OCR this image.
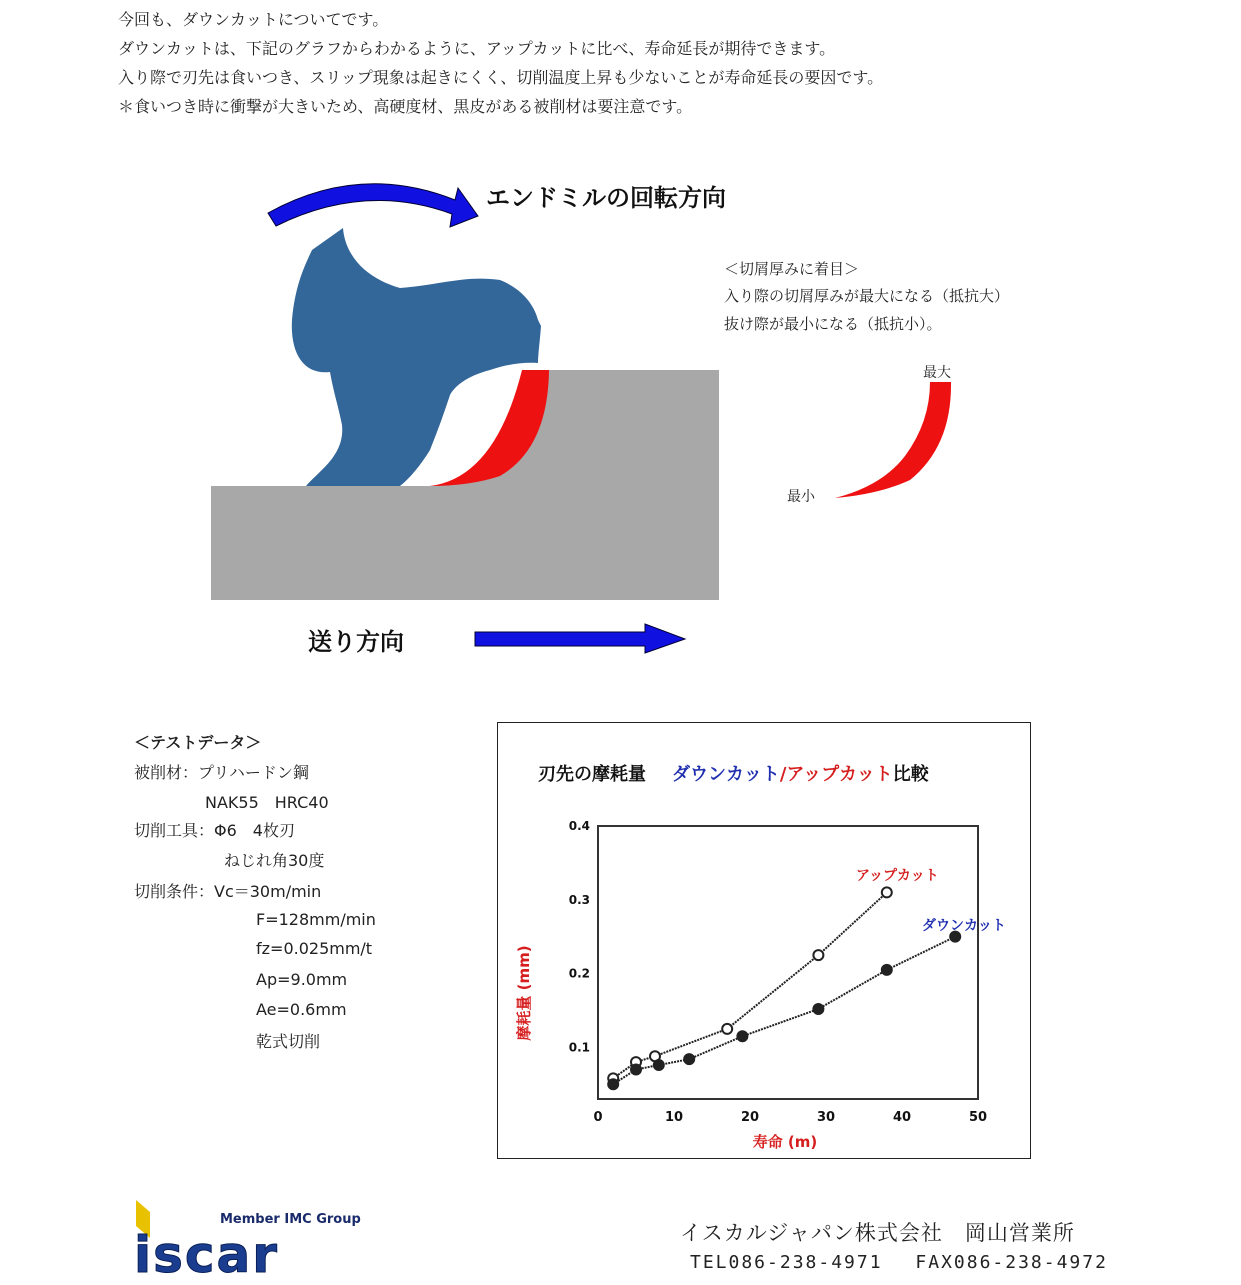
今回も、ダウンカットについてです。
ダウンカットは、下記のグラフからわかるように、アップカットに比べ、寿命延長が期待できます。
入り際で刃先は食いつき、スリップ現象は起きにくく、切削温度上昇も少ないことが寿命延長の要因です。
＊食いつき時に衝撃が大きいため、高硬度材、黒皮がある被削材は要注意です。
エンドミルの回転方向
送り方向
＜切屑厚みに着目＞
入り際の切屑厚みが最大になる（抵抗大）
抜け際が最小になる（抵抗小）。
最大
最小
＜テストデータ＞
被削材：プリハードン鋼
NAK55　HRC40
切削工具：Φ6　4枚刃
ねじれ角30度
切削条件：Vc＝30m/min
F=128mm/min
fz=0.025mm/t
Ap=9.0mm
Ae=0.6mm
乾式切削
刃先の摩耗量 ダウンカット/アップカット比較
0	10	20	30	40	50
0.1
0.2
0.3
0.4
寿命 (m)
摩耗量 (mm)
アップカット
ダウンカット
Member IMC Group
iscar	イスカルジャパン株式会社　岡山営業所
TEL086-238-4971　 FAX086-238-4972
